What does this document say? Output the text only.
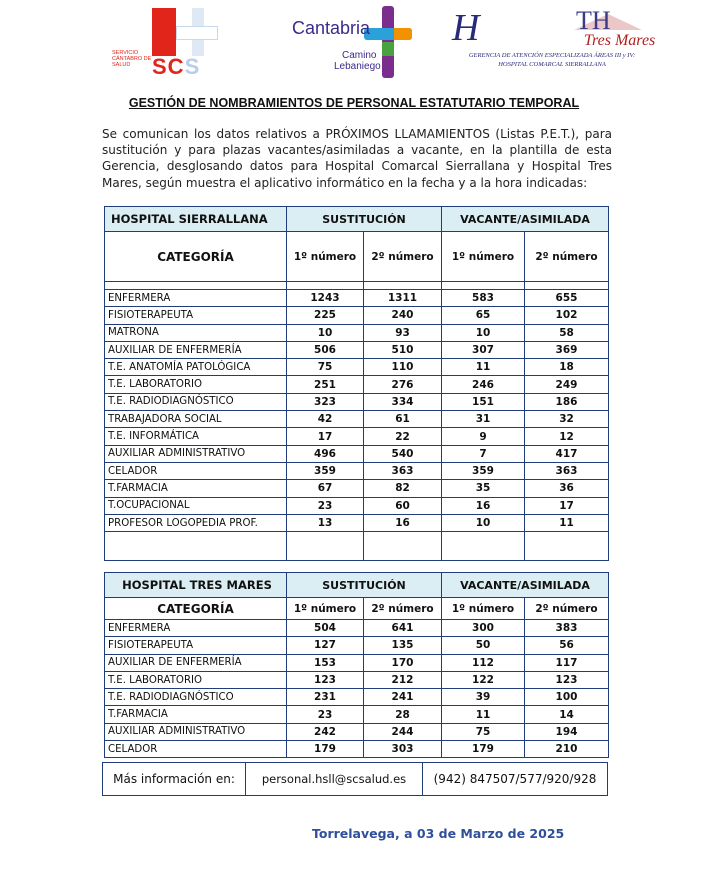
SERVICIO CÁNTABRO DE SALUD SCS
Cantabria
Camino
Lebaniego
H	TH
Tres Mares
GERENCIA DE ATENCIÓN ESPECIALIZADA ÁREAS III y IV:
HOSPITAL COMARCAL SIERRALLANA
GESTIÓN DE NOMBRAMIENTOS DE PERSONAL ESTATUTARIO TEMPORAL
Se comunican los datos relativos a PRÓXIMOS LLAMAMIENTOS (Listas P.E.T.), para sustitución y para plazas vacantes/asimiladas a vacante, en la plantilla de esta Gerencia, desglosando datos para Hospital Comarcal Sierrallana y Hospital Tres Mares, según muestra el aplicativo informático en la fecha y a la hora indicadas:
HOSPITAL SIERRALLANA	SUSTITUCIÓN		VACANTE/ASIMILADA	
CATEGORÍA	1º número	2º número	1º número	2º número

ENFERMERA	1243	1311	583	655
FISIOTERAPEUTA	225	240	65	102
MATRONA	10	93	10	58
AUXILIAR DE ENFERMERÍA	506	510	307	369
T.E. ANATOMÍA PATOLÓGICA	75	110	11	18
T.E. LABORATORIO	251	276	246	249
T.E. RADIODIAGNÓSTICO	323	334	151	186
TRABAJADORA SOCIAL	42	61	31	32
T.E. INFORMÁTICA	17	22	9	12
AUXILIAR ADMINISTRATIVO	496	540	7	417
CELADOR	359	363	359	363
T.FARMACIA	67	82	35	36
T.OCUPACIONAL	23	60	16	17
PROFESOR LOGOPEDIA PROF.	13	16	10	11

HOSPITAL TRES MARES	SUSTITUCIÓN		VACANTE/ASIMILADA	
CATEGORÍA	1º número	2º número	1º número	2º número
ENFERMERA	504	641	300	383
FISIOTERAPEUTA	127	135	50	56
AUXILIAR DE ENFERMERÍA	153	170	112	117
T.E. LABORATORIO	123	212	122	123
T.E. RADIODIAGNÓSTICO	231	241	39	100
T.FARMACIA	23	28	11	14
AUXILIAR ADMINISTRATIVO	242	244	75	194
CELADOR	179	303	179	210
Más información en:	personal.hsll@scsalud.es	(942) 847507/577/920/928
Torrelavega, a 03 de Marzo de 2025
